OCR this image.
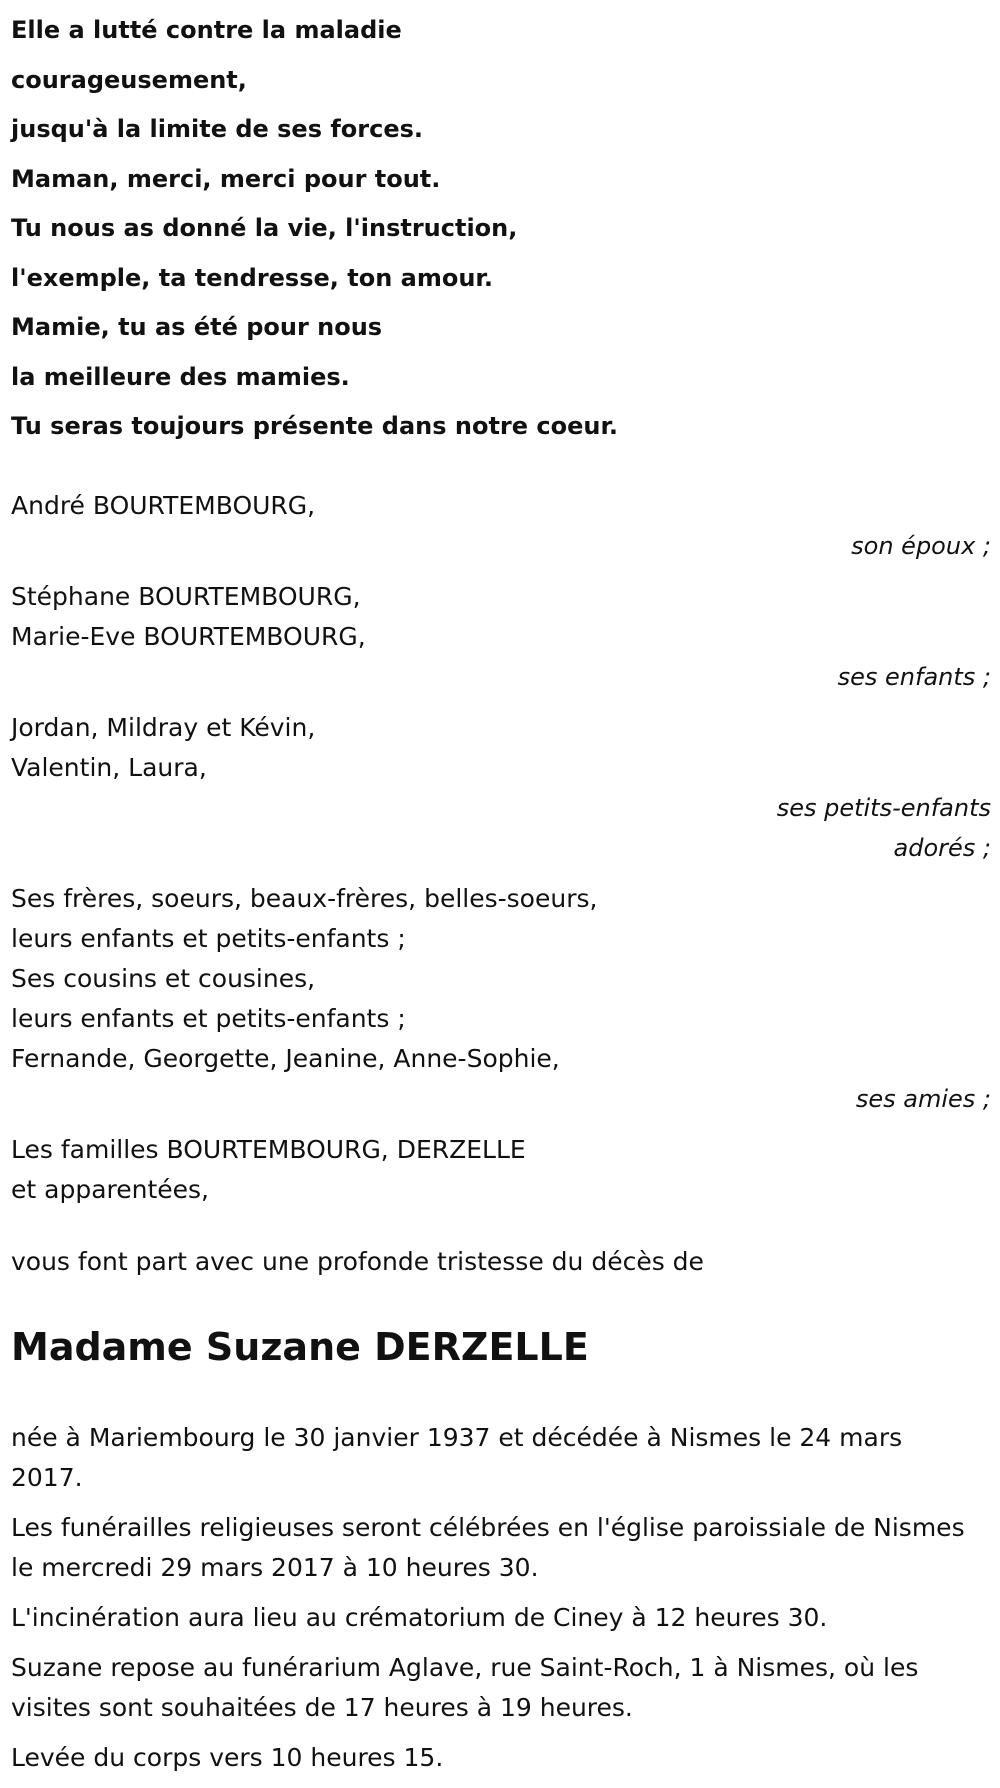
Elle a lutté contre la maladie
courageusement,
jusqu'à la limite de ses forces.
Maman, merci, merci pour tout.
Tu nous as donné la vie, l'instruction,
l'exemple, ta tendresse, ton amour.
Mamie, tu as été pour nous
la meilleure des mamies.
Tu seras toujours présente dans notre coeur.
André BOURTEMBOURG,
son époux ;
Stéphane BOURTEMBOURG,
Marie-Eve BOURTEMBOURG,
ses enfants ;
Jordan, Mildray et Kévin,
Valentin, Laura,
ses petits-enfants
adorés ;
Ses frères, soeurs, beaux-frères, belles-soeurs,
leurs enfants et petits-enfants ;
Ses cousins et cousines,
leurs enfants et petits-enfants ;
Fernande, Georgette, Jeanine, Anne-Sophie,
ses amies ;
Les familles BOURTEMBOURG, DERZELLE
et apparentées,
vous font part avec une profonde tristesse du décès de
Madame Suzane DERZELLE

née à Mariembourg le 30 janvier 1937 et décédée à Nismes le 24 mars 2017.

Les funérailles religieuses seront célébrées en l'église paroissiale de Nismes le mercredi 29 mars 2017 à 10 heures 30.

L'incinération aura lieu au crématorium de Ciney à 12 heures 30.

Suzane repose au funérarium Aglave, rue Saint-Roch, 1 à Nismes, où les visites sont souhaitées de 17 heures à 19 heures.

Levée du corps vers 10 heures 15.
